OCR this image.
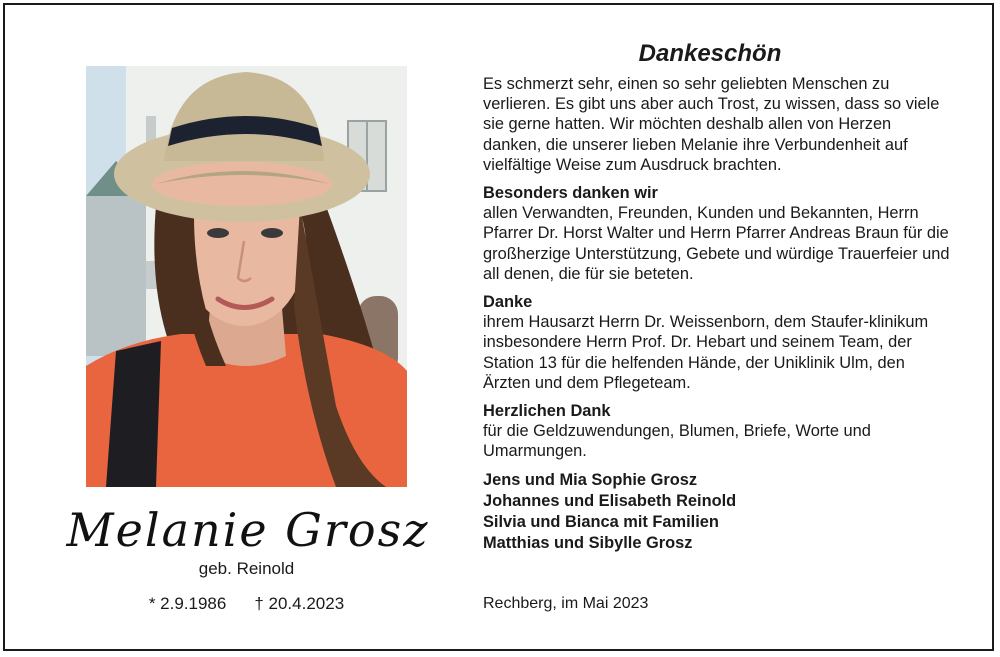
Melanie Grosz
geb. Reinold
* 2.9.1986 † 20.4.2023
Dankeschön

Es schmerzt sehr, einen so sehr geliebten Menschen zu verlieren. Es gibt uns aber auch Trost, zu wissen, dass so viele sie gerne hatten. Wir möchten deshalb allen von Herzen danken, die unserer lieben Melanie ihre Verbundenheit auf vielfältige Weise zum Ausdruck brachten.

Besonders danken wir
allen Verwandten, Freunden, Kunden und Bekannten, Herrn Pfarrer Dr. Horst Walter und Herrn Pfarrer Andreas Braun für die großherzige Unterstützung, Gebete und würdige Trauerfeier und all denen, die für sie beteten.

Danke
ihrem Hausarzt Herrn Dr. Weissenborn, dem Staufer-klinikum insbesondere Herrn Prof. Dr. Hebart und seinem Team, der Station 13 für die helfenden Hände, der Uniklinik Ulm, den Ärzten und dem Pflegeteam.

Herzlichen Dank
für die Geldzuwendungen, Blumen, Briefe, Worte und Umarmungen.

Jens und Mia Sophie Grosz
Johannes und Elisabeth Reinold
Silvia und Bianca mit Familien
Matthias und Sibylle Grosz
Rechberg, im Mai 2023
